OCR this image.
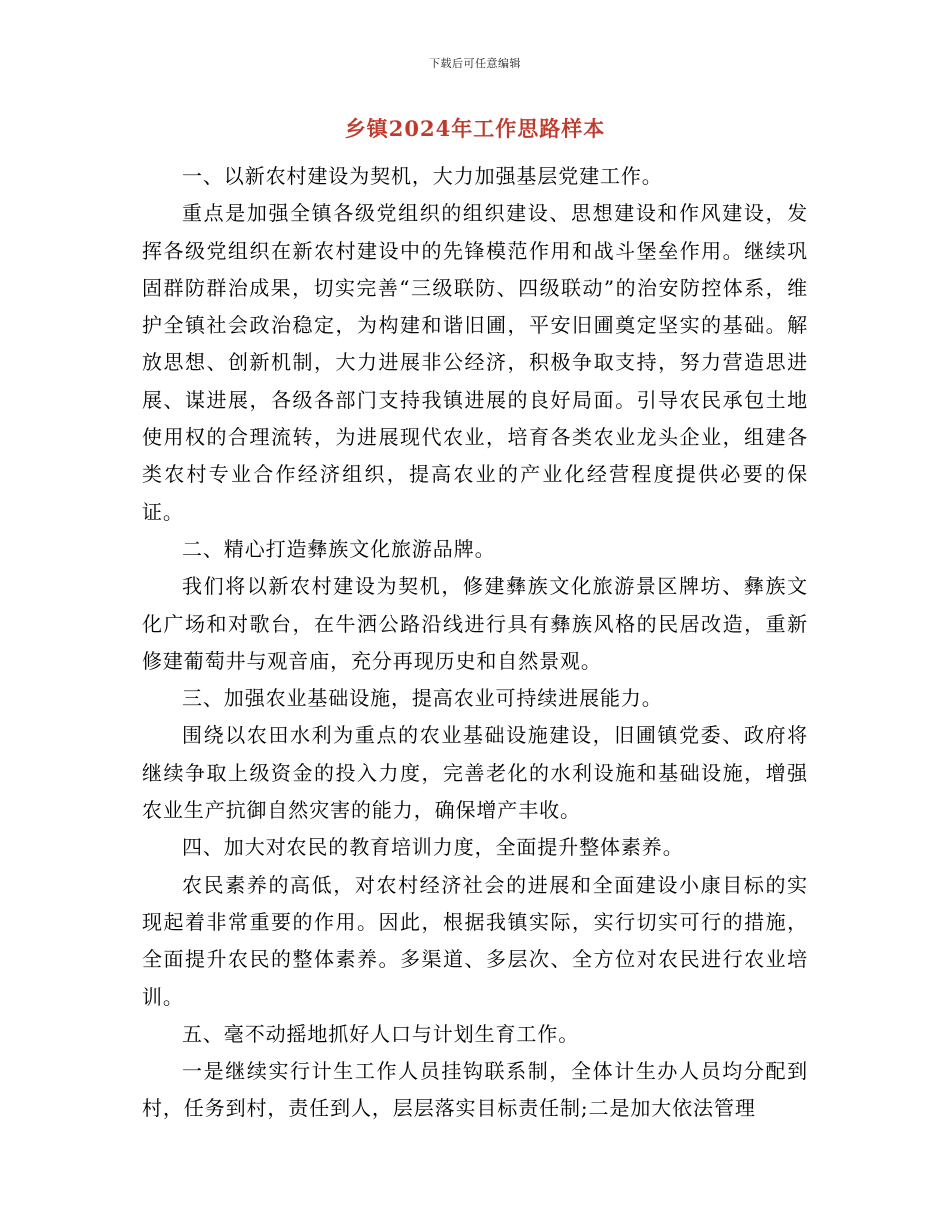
下载后可任意编辑
乡镇2024年工作思路样本

一、以新农村建设为契机，大力加强基层党建工作。

重点是加强全镇各级党组织的组织建设、思想建设和作风建设，发挥各级党组织在新农村建设中的先锋模范作用和战斗堡垒作用。继续巩固群防群治成果，切实完善“三级联防、四级联动”的治安防控体系，维护全镇社会政治稳定，为构建和谐旧圃，平安旧圃奠定坚实的基础。解放思想、创新机制，大力进展非公经济，积极争取支持，努力营造思进展、谋进展，各级各部门支持我镇进展的良好局面。引导农民承包土地使用权的合理流转，为进展现代农业，培育各类农业龙头企业，组建各类农村专业合作经济组织，提高农业的产业化经营程度提供必要的保证。

二、精心打造彝族文化旅游品牌。

我们将以新农村建设为契机，修建彝族文化旅游景区牌坊、彝族文化广场和对歌台，在牛洒公路沿线进行具有彝族风格的民居改造，重新修建葡萄井与观音庙，充分再现历史和自然景观。

三、加强农业基础设施，提高农业可持续进展能力。

围绕以农田水利为重点的农业基础设施建设，旧圃镇党委、政府将继续争取上级资金的投入力度，完善老化的水利设施和基础设施，增强农业生产抗御自然灾害的能力，确保增产丰收。

四、加大对农民的教育培训力度，全面提升整体素养。

农民素养的高低，对农村经济社会的进展和全面建设小康目标的实现起着非常重要的作用。因此，根据我镇实际，实行切实可行的措施，全面提升农民的整体素养。多渠道、多层次、全方位对农民进行农业培训。

五、毫不动摇地抓好人口与计划生育工作。

一是继续实行计生工作人员挂钩联系制，全体计生办人员均分配到村，任务到村，责任到人，层层落实目标责任制;二是加大依法管理
